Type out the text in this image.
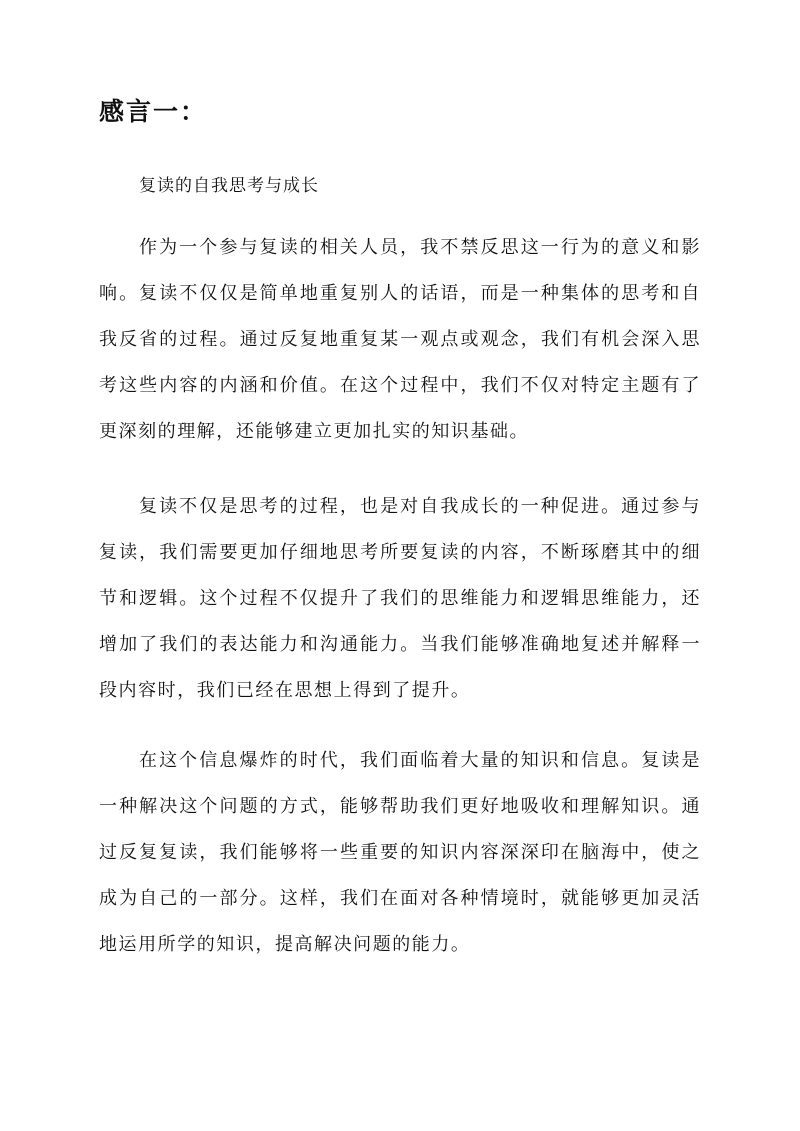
感言一：

复读的自我思考与成长

作为一个参与复读的相关人员，我不禁反思这一行为的意义和影响。复读不仅仅是简单地重复别人的话语，而是一种集体的思考和自我反省的过程。通过反复地重复某一观点或观念，我们有机会深入思考这些内容的内涵和价值。在这个过程中，我们不仅对特定主题有了更深刻的理解，还能够建立更加扎实的知识基础。

复读不仅是思考的过程，也是对自我成长的一种促进。通过参与复读，我们需要更加仔细地思考所要复读的内容，不断琢磨其中的细节和逻辑。这个过程不仅提升了我们的思维能力和逻辑思维能力，还增加了我们的表达能力和沟通能力。当我们能够准确地复述并解释一段内容时，我们已经在思想上得到了提升。

在这个信息爆炸的时代，我们面临着大量的知识和信息。复读是一种解决这个问题的方式，能够帮助我们更好地吸收和理解知识。通过反复复读，我们能够将一些重要的知识内容深深印在脑海中，使之成为自己的一部分。这样，我们在面对各种情境时，就能够更加灵活地运用所学的知识，提高解决问题的能力。
